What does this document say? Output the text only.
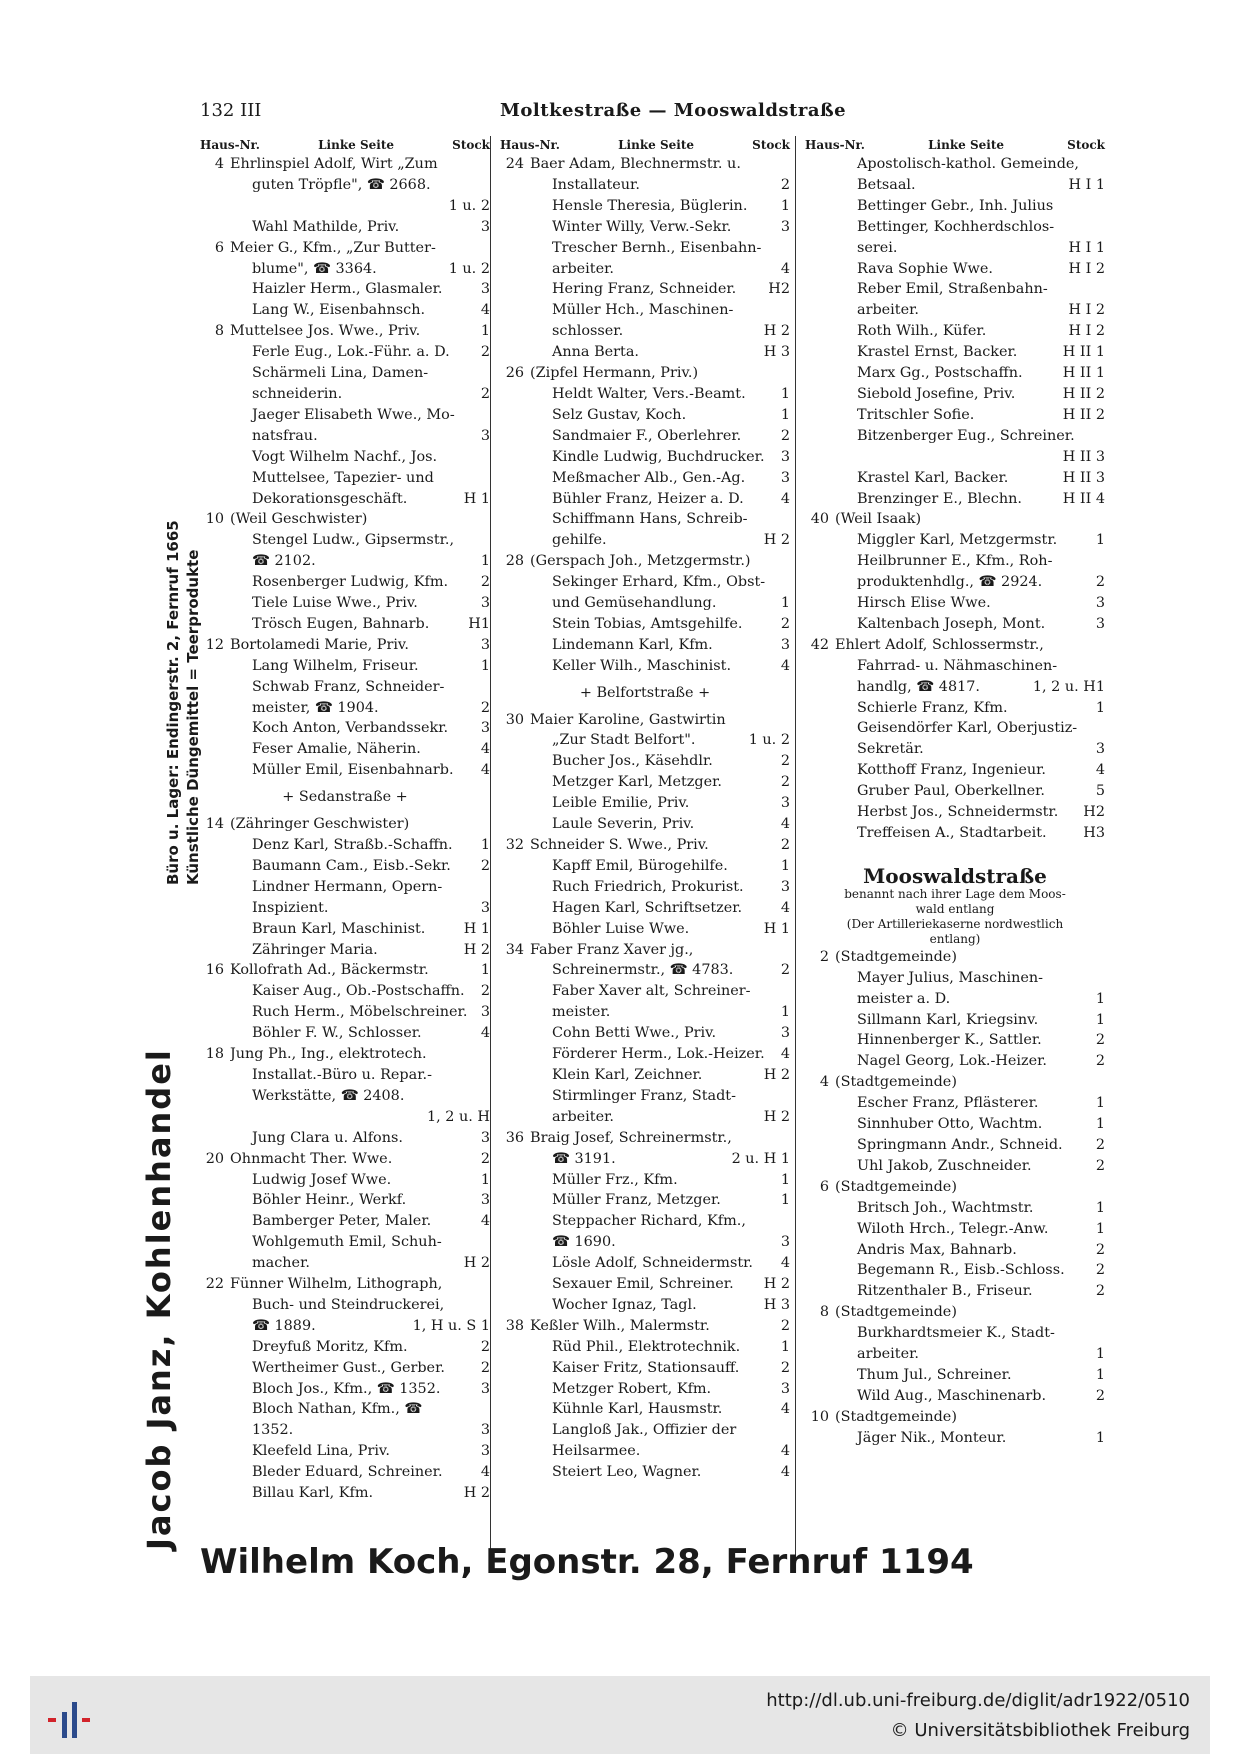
132 III	Moltkestraße — Mooswaldstraße
Jacob Janz, Kohlenhandel
Künstliche Düngemittel = Teerprodukte
Büro u. Lager: Endingerstr. 2, Fernruf 1665
Haus-Nr.	Linke Seite	Stock
4 Ehrlinspiel Adolf, Wirt „Zum
guten Tröpfle", ☎ 2668.
1 u. 2
Wahl Mathilde, Priv.	3
6 Meier G., Kfm., „Zur Butter-
blume", ☎ 3364.	1 u. 2
Haizler Herm., Glasmaler.	3
Lang W., Eisenbahnsch.	4
8 Muttelsee Jos. Wwe., Priv.	1
Ferle Eug., Lok.-Führ. a. D.	2
Schärmeli Lina, Damen-
schneiderin.	2
Jaeger Elisabeth Wwe., Mo-
natsfrau.	3
Vogt Wilhelm Nachf., Jos.
Muttelsee, Tapezier- und
Dekorationsgeschäft.	H 1
10 (Weil Geschwister)
Stengel Ludw., Gipsermstr.,
☎ 2102.	1
Rosenberger Ludwig, Kfm.	2
Tiele Luise Wwe., Priv.	3
Trösch Eugen, Bahnarb.	H1
12 Bortolamedi Marie, Priv.	3
Lang Wilhelm, Friseur.	1
Schwab Franz, Schneider-
meister, ☎ 1904.	2
Koch Anton, Verbandssekr.	3
Feser Amalie, Näherin.	4
Müller Emil, Eisenbahnarb.	4
+ Sedanstraße +
14 (Zähringer Geschwister)
Denz Karl, Straßb.-Schaffn.	1
Baumann Cam., Eisb.-Sekr.	2
Lindner Hermann, Opern-
Inspizient.	3
Braun Karl, Maschinist.	H 1
Zähringer Maria.	H 2
16 Kollofrath Ad., Bäckermstr.	1
Kaiser Aug., Ob.-Postschaffn.	2
Ruch Herm., Möbelschreiner. 3
Böhler F. W., Schlosser.	4
18 Jung Ph., Ing., elektrotech.
Installat.-Büro u. Repar.-
Werkstätte, ☎ 2408.
1, 2 u. H
Jung Clara u. Alfons.	3
20 Ohnmacht Ther. Wwe.	2
Ludwig Josef Wwe.	1
Böhler Heinr., Werkf.	3
Bamberger Peter, Maler.	4
Wohlgemuth Emil, Schuh-
macher.	H 2
22 Fünner Wilhelm, Lithograph,
Buch- und Steindruckerei,
☎ 1889.	1, H u. S 1
Dreyfuß Moritz, Kfm.	2
Wertheimer Gust., Gerber.	2
Bloch Jos., Kfm., ☎ 1352.	3
Bloch Nathan, Kfm., ☎
1352.	3
Kleefeld Lina, Priv.	3
Bleder Eduard, Schreiner.	4
Billau Karl, Kfm.	H 2
Haus-Nr.	Linke Seite	Stock
24 Baer Adam, Blechnermstr. u.
Installateur.	2
Hensle Theresia, Büglerin.	1
Winter Willy, Verw.-Sekr.	3
Trescher Bernh., Eisenbahn-
arbeiter.	4
Hering Franz, Schneider.	H2
Müller Hch., Maschinen-
schlosser.	H 2
Anna Berta.	H 3
26 (Zipfel Hermann, Priv.)
Heldt Walter, Vers.-Beamt.	1
Selz Gustav, Koch.	1
Sandmaier F., Oberlehrer.	2
Kindle Ludwig, Buchdrucker.	3
Meßmacher Alb., Gen.-Ag.	3
Bühler Franz, Heizer a. D.	4
Schiffmann Hans, Schreib-
gehilfe.	H 2
28 (Gerspach Joh., Metzgermstr.)
Sekinger Erhard, Kfm., Obst-
und Gemüsehandlung.	1
Stein Tobias, Amtsgehilfe.	2
Lindemann Karl, Kfm.	3
Keller Wilh., Maschinist.	4
+ Belfortstraße +
30 Maier Karoline, Gastwirtin
„Zur Stadt Belfort".	1 u. 2
Bucher Jos., Käsehdlr.	2
Metzger Karl, Metzger.	2
Leible Emilie, Priv.	3
Laule Severin, Priv.	4
32 Schneider S. Wwe., Priv.	2
Kapff Emil, Bürogehilfe.	1
Ruch Friedrich, Prokurist.	3
Hagen Karl, Schriftsetzer.	4
Böhler Luise Wwe.	H 1
34 Faber Franz Xaver jg.,
Schreinermstr., ☎ 4783.	2
Faber Xaver alt, Schreiner-
meister.	1
Cohn Betti Wwe., Priv.	3
Förderer Herm., Lok.-Heizer.	4
Klein Karl, Zeichner.	H 2
Stirmlinger Franz, Stadt-
arbeiter.	H 2
36 Braig Josef, Schreinermstr.,
☎ 3191.	2 u. H 1
Müller Frz., Kfm.	1
Müller Franz, Metzger.	1
Steppacher Richard, Kfm.,
☎ 1690.	3
Lösle Adolf, Schneidermstr.	4
Sexauer Emil, Schreiner.	H 2
Wocher Ignaz, Tagl.	H 3
38 Keßler Wilh., Malermstr.	2
Rüd Phil., Elektrotechnik.	1
Kaiser Fritz, Stationsauff.	2
Metzger Robert, Kfm.	3
Kühnle Karl, Hausmstr.	4
Langloß Jak., Offizier der
Heilsarmee.	4
Steiert Leo, Wagner.	4
Haus-Nr.	Linke Seite	Stock
Apostolisch-kathol. Gemeinde,
Betsaal.	H I 1
Bettinger Gebr., Inh. Julius
Bettinger, Kochherdschlos-
serei.	H I 1
Rava Sophie Wwe.	H I 2
Reber Emil, Straßenbahn-
arbeiter.	H I 2
Roth Wilh., Küfer.	H I 2
Krastel Ernst, Backer.	H II 1
Marx Gg., Postschaffn.	H II 1
Siebold Josefine, Priv.	H II 2
Tritschler Sofie.	H II 2
Bitzenberger Eug., Schreiner.
H II 3
Krastel Karl, Backer.	H II 3
Brenzinger E., Blechn.	H II 4
40 (Weil Isaak)
Miggler Karl, Metzgermstr.	1
Heilbrunner E., Kfm., Roh-
produktenhdlg., ☎ 2924.	2
Hirsch Elise Wwe.	3
Kaltenbach Joseph, Mont.	3
42 Ehlert Adolf, Schlossermstr.,
Fahrrad- u. Nähmaschinen-
handlg, ☎ 4817.	1, 2 u. H1
Schierle Franz, Kfm.	1
Geisendörfer Karl, Oberjustiz-
Sekretär.	3
Kotthoff Franz, Ingenieur.	4
Gruber Paul, Oberkellner.	5
Herbst Jos., Schneidermstr.	H2
Treffeisen A., Stadtarbeit.	H3
Mooswaldstraße
benannt nach ihrer Lage dem Moos-
wald entlang
(Der Artilleriekaserne nordwestlich
entlang)
2 (Stadtgemeinde)
Mayer Julius, Maschinen-
meister a. D.	1
Sillmann Karl, Kriegsinv.	1
Hinnenberger K., Sattler.	2
Nagel Georg, Lok.-Heizer.	2
4 (Stadtgemeinde)
Escher Franz, Pflästerer.	1
Sinnhuber Otto, Wachtm.	1
Springmann Andr., Schneid.	2
Uhl Jakob, Zuschneider.	2
6 (Stadtgemeinde)
Britsch Joh., Wachtmstr.	1
Wiloth Hrch., Telegr.-Anw.	1
Andris Max, Bahnarb.	2
Begemann R., Eisb.-Schloss.	2
Ritzenthaler B., Friseur.	2
8 (Stadtgemeinde)
Burkhardtsmeier K., Stadt-
arbeiter.	1
Thum Jul., Schreiner.	1
Wild Aug., Maschinenarb.	2
10 (Stadtgemeinde)
Jäger Nik., Monteur.	1
Wilhelm Koch, Egonstr. 28, Fernruf 1194
http://dl.ub.uni-freiburg.de/diglit/adr1922/0510
© Universitätsbibliothek Freiburg
